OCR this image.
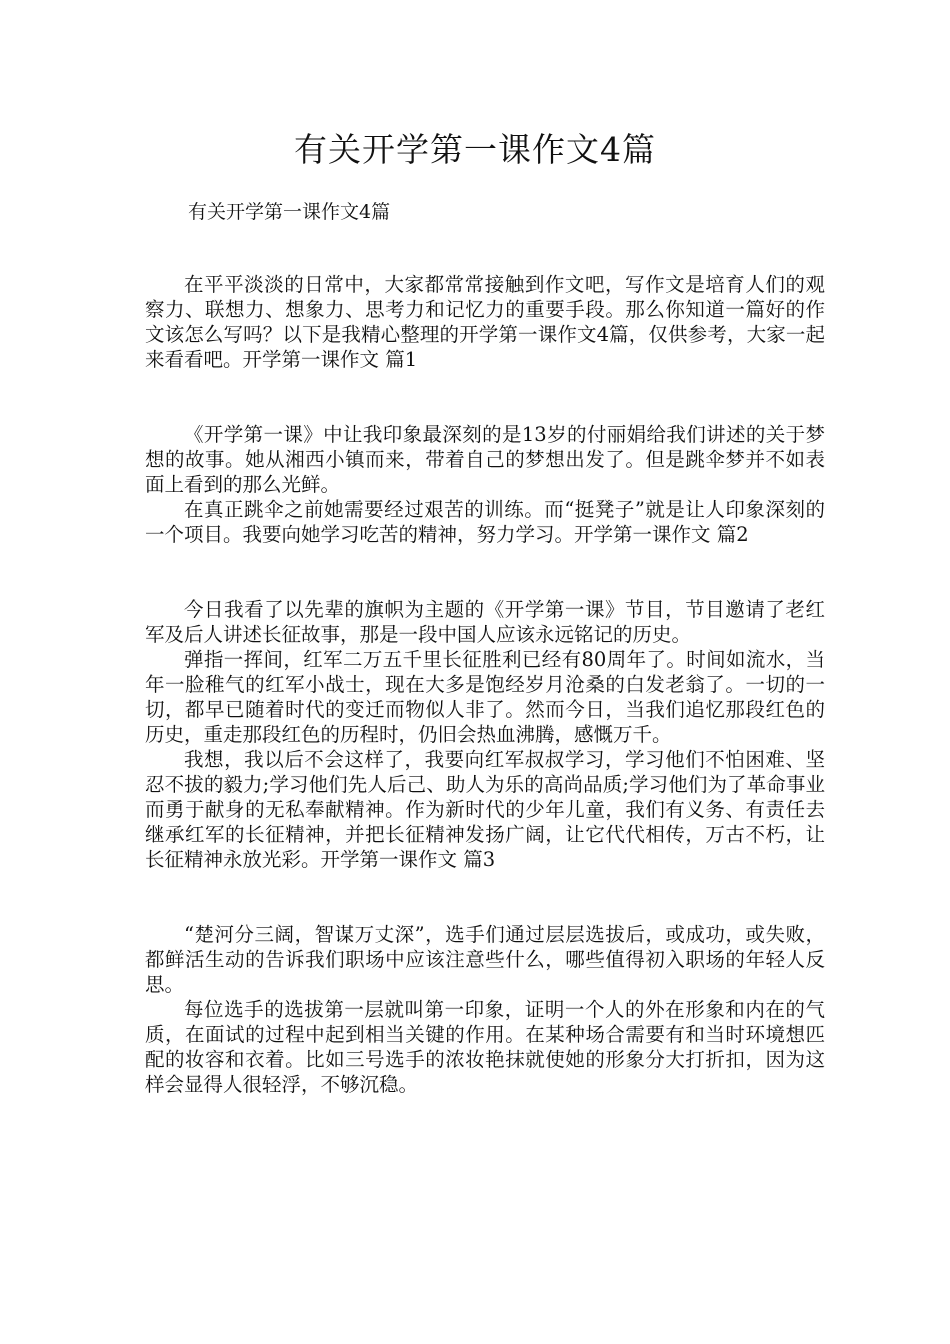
有关开学第一课作文4篇

有关开学第一课作文4篇

在平平淡淡的日常中，大家都常常接触到作文吧，写作文是培育人们的观察力、联想力、想象力、思考力和记忆力的重要手段。那么你知道一篇好的作文该怎么写吗？以下是我精心整理的开学第一课作文4篇，仅供参考，大家一起来看看吧。开学第一课作文 篇1

《开学第一课》中让我印象最深刻的是13岁的付丽娟给我们讲述的关于梦想的故事。她从湘西小镇而来，带着自己的梦想出发了。但是跳伞梦并不如表面上看到的那么光鲜。

在真正跳伞之前她需要经过艰苦的训练。而“挺凳子”就是让人印象深刻的一个项目。我要向她学习吃苦的精神，努力学习。开学第一课作文 篇2

今日我看了以先辈的旗帜为主题的《开学第一课》节目，节目邀请了老红军及后人讲述长征故事，那是一段中国人应该永远铭记的历史。

弹指一挥间，红军二万五千里长征胜利已经有80周年了。时间如流水，当年一脸稚气的红军小战士，现在大多是饱经岁月沧桑的白发老翁了。一切的一切，都早已随着时代的变迁而物似人非了。然而今日，当我们追忆那段红色的历史，重走那段红色的历程时，仍旧会热血沸腾，感慨万千。

我想，我以后不会这样了，我要向红军叔叔学习，学习他们不怕困难、坚忍不拔的毅力;学习他们先人后己、助人为乐的高尚品质;学习他们为了革命事业而勇于献身的无私奉献精神。作为新时代的少年儿童，我们有义务、有责任去继承红军的长征精神，并把长征精神发扬广阔，让它代代相传，万古不朽，让长征精神永放光彩。开学第一课作文 篇3

“楚河分三阔，智谋万丈深”，选手们通过层层选拔后，或成功，或失败，都鲜活生动的告诉我们职场中应该注意些什么，哪些值得初入职场的年轻人反思。

每位选手的选拔第一层就叫第一印象，证明一个人的外在形象和内在的气质，在面试的过程中起到相当关键的作用。在某种场合需要有和当时环境想匹配的妆容和衣着。比如三号选手的浓妆艳抹就使她的形象分大打折扣，因为这样会显得人很轻浮，不够沉稳。
